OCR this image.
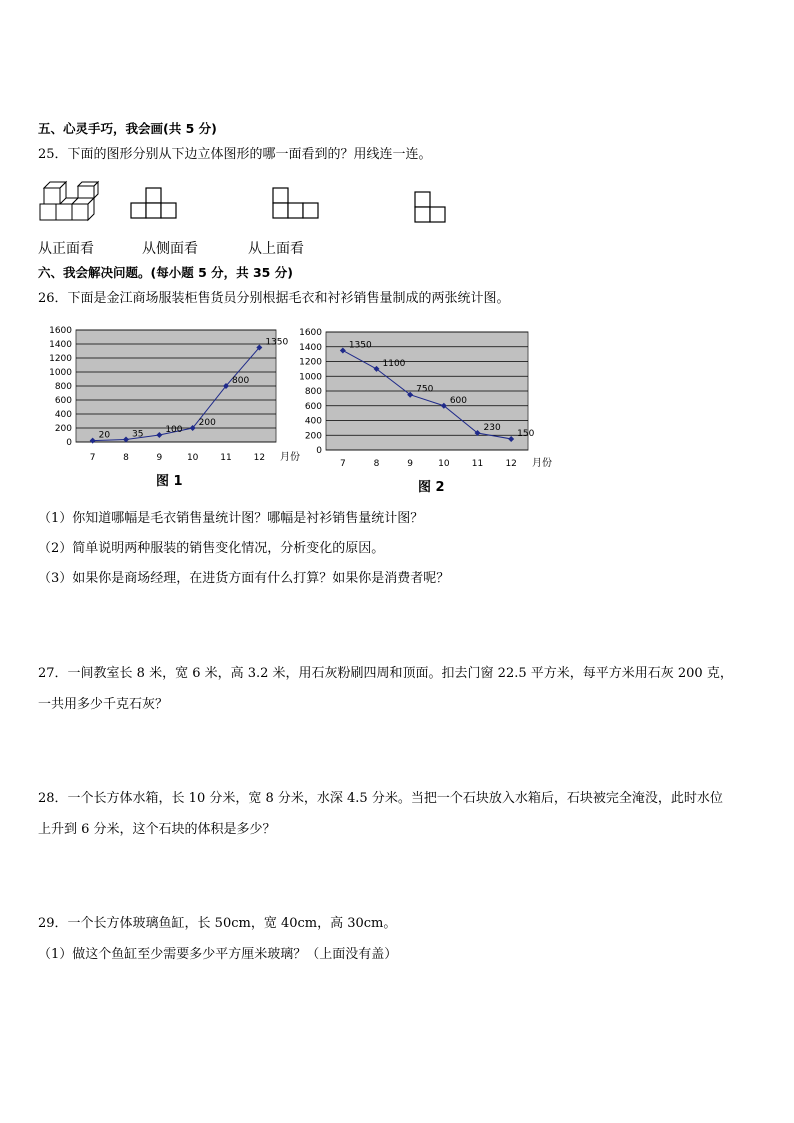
五、心灵手巧，我会画(共 5 分)
25．下面的图形分别从下边立体图形的哪一面看到的？用线连一连。
从正面看	从侧面看	从上面看
六、我会解决问题。(每小题 5 分，共 35 分)
26．下面是金江商场服装柜售货员分别根据毛衣和衬衫销售量制成的两张统计图。
0
200
400
600
800
1000
1200
1400
1600
7	8	9	10 11 12 月份
20 35 100
200
800
1350
图 1
0
200
400
600
800
1000
1200
1400
1600
7	8	9	10 11 12 月份
1350
1100
750
600
230
150
图 2
（1）你知道哪幅是毛衣销售量统计图？哪幅是衬衫销售量统计图？
（2）简单说明两种服装的销售变化情况，分析变化的原因。
（3）如果你是商场经理，在进货方面有什么打算？如果你是消费者呢？
27．一间教室长 8 米，宽 6 米，高 3.2 米，用石灰粉刷四周和顶面。扣去门窗 22.5 平方米，每平方米用石灰 200 克，
一共用多少千克石灰？
28．一个长方体水箱，长 10 分米，宽 8 分米，水深 4.5 分米。当把一个石块放入水箱后，石块被完全淹没，此时水位
上升到 6 分米，这个石块的体积是多少？
29．一个长方体玻璃鱼缸，长 50cm，宽 40cm，高 30cm。
（1）做这个鱼缸至少需要多少平方厘米玻璃？（上面没有盖）
